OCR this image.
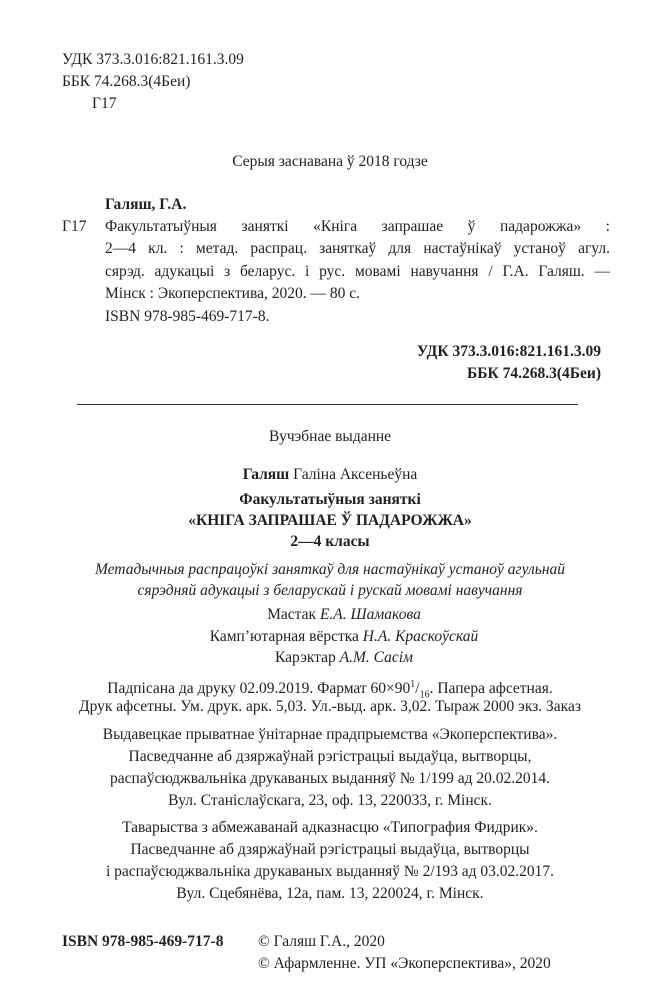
УДК 373.3.016:821.161.3.09
ББК 74.268.3(4Беи)
Г17
Серыя заснавана ў 2018 годзе
Галяш, Г.А.
Г17 Факультатыўныя заняткі «Кніга запрашае ў падарожжа» :
2—4 кл. : метад. распрац. заняткаў для настаўнікаў устаноў агул.
сярэд. адукацыі з беларус. і рус. мовамі навучання / Г.А. Галяш. —
Мінск : Экоперспектива, 2020. — 80 с.
ISBN 978-985-469-717-8.
УДК 373.3.016:821.161.3.09
ББК 74.268.3(4Беи)
Вучэбнае выданне
Галяш Галіна Аксеньеўна
Факультатыўныя заняткі
«КНІГА ЗАПРАШАЕ Ў ПАДАРОЖЖА»
2—4 класы
Метадычныя распрацоўкі заняткаў для настаўнікаў устаноў агульнай
сярэдняй адукацыі з беларускай і рускай мовамі навучання
Мастак Е.А. Шамакова
Камп’ютарная вёрстка Н.А. Краскоўскай
Карэктар А.М. Сасім
Падпісана да друку 02.09.2019. Фармат $60\times 90^1/_{16}$. Папера афсетная.
Друк афсетны. Ум. друк. арк. 5,03. Ул.-выд. арк. 3,02. Тыраж 2000 экз. Заказ
Выдавецкае прыватнае ўнітарнае прадпрыемства «Экоперспектива».
Пасведчанне аб дзяржаўнай рэгістрацыі выдаўца, вытворцы,
распаўсюджвальніка друкаваных выданняў № 1/199 ад 20.02.2014.
Вул. Станіслаўскага, 23, оф. 13, 220033, г. Мінск.
Таварыства з абмежаванай адказнасцю «Типография Фидрик».
Пасведчанне аб дзяржаўнай рэгістрацыі выдаўца, вытворцы
і распаўсюджвальніка друкаваных выданняў № 2/193 ад 03.02.2017.
Вул. Сцебянёва, 12а, пам. 13, 220024, г. Мінск.
ISBN 978-985-469-717-8 © Галяш Г.А., 2020
© Афармленне. УП «Экоперспектива», 2020
